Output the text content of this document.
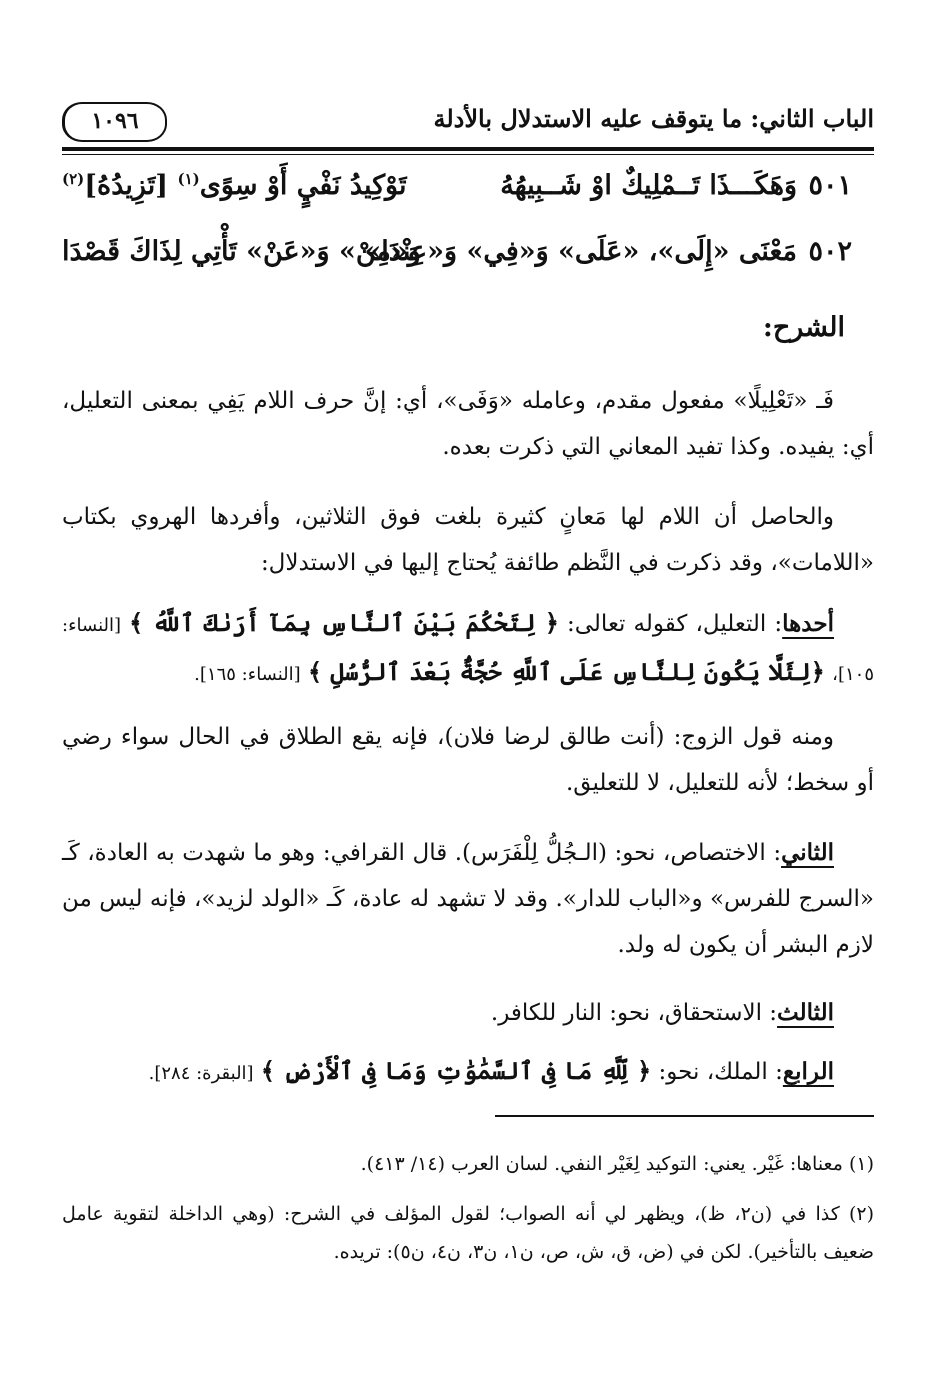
الباب الثاني: ما يتوقف عليه الاستدلال بالأدلة
١٠٩٦
٥٠١
وَهَكَـــذَا تَــمْلِيكٌ اوْ شَــبِيهُهُ
تَوْكِيدُ نَفْيٍ أَوْ سِوًى$^{(١)}$ [تَزِيدُهُ]$^{(٢)}$
٥٠٢
مَعْنَى «إِلَى»، «عَلَى» وَ«فِي» وَ«عِنْدَا»
وَ«مِنْ» وَ«عَنْ» تَأْتِي لِذَاكَ قَصْدَا
الشرح:
فَـ «تَعْلِيلًا» مفعول مقدم، وعامله «وَفَى»، أي: إنَّ حرف اللام يَفِي بمعنى التعليل، أي: يفيده. وكذا تفيد المعاني التي ذكرت بعده.
والحاصل أن اللام لها مَعانٍ كثيرة بلغت فوق الثلاثين، وأفردها الهروي بكتاب «اللامات»، وقد ذكرت في النَّظم طائفة يُحتاج إليها في الاستدلال:
أحدها: التعليل، كقوله تعالى: ﴿ لِتَحْكُمَ بَيْنَ ٱلنَّاسِ بِمَآ أَرَىٰكَ ٱللَّهُ ﴾ [النساء: ١٠٥]، ﴿لِئَلَّا يَكُونَ لِلنَّاسِ عَلَى ٱللَّهِ حُجَّةٌۢ بَعْدَ ٱلرُّسُلِ ﴾ [النساء: ١٦٥].
ومنه قول الزوج: (أنت طالق لرضا فلان)، فإنه يقع الطلاق في الحال سواء رضي أو سخط؛ لأنه للتعليل، لا للتعليق.
الثاني: الاختصاص، نحو: (الـجُلُّ لِلْفَرَس). قال القرافي: وهو ما شهدت به العادة، كَـ «السرج للفرس» و«الباب للدار». وقد لا تشهد له عادة، كَـ «الولد لزيد»، فإنه ليس من لازم البشر أن يكون له ولد.
الثالث: الاستحقاق، نحو: النار للكافر.
الرابع: الملك، نحو: ﴿ لِّلَّهِ مَا فِى ٱلسَّمَٰوَٰتِ وَمَا فِى ٱلْأَرْضِ ﴾ [البقرة: ٢٨٤].
(١) معناها: غَيْر. يعني: التوكيد لِغَيْر النفي. لسان العرب (١٤/ ٤١٣).
(٢) كذا في (ن٢، ظ)، ويظهر لي أنه الصواب؛ لقول المؤلف في الشرح: (وهي الداخلة لتقوية عامل ضعيف بالتأخير). لكن في (ض، ق، ش، ص، ن١، ن٣، ن٤، ن٥): تريده.
